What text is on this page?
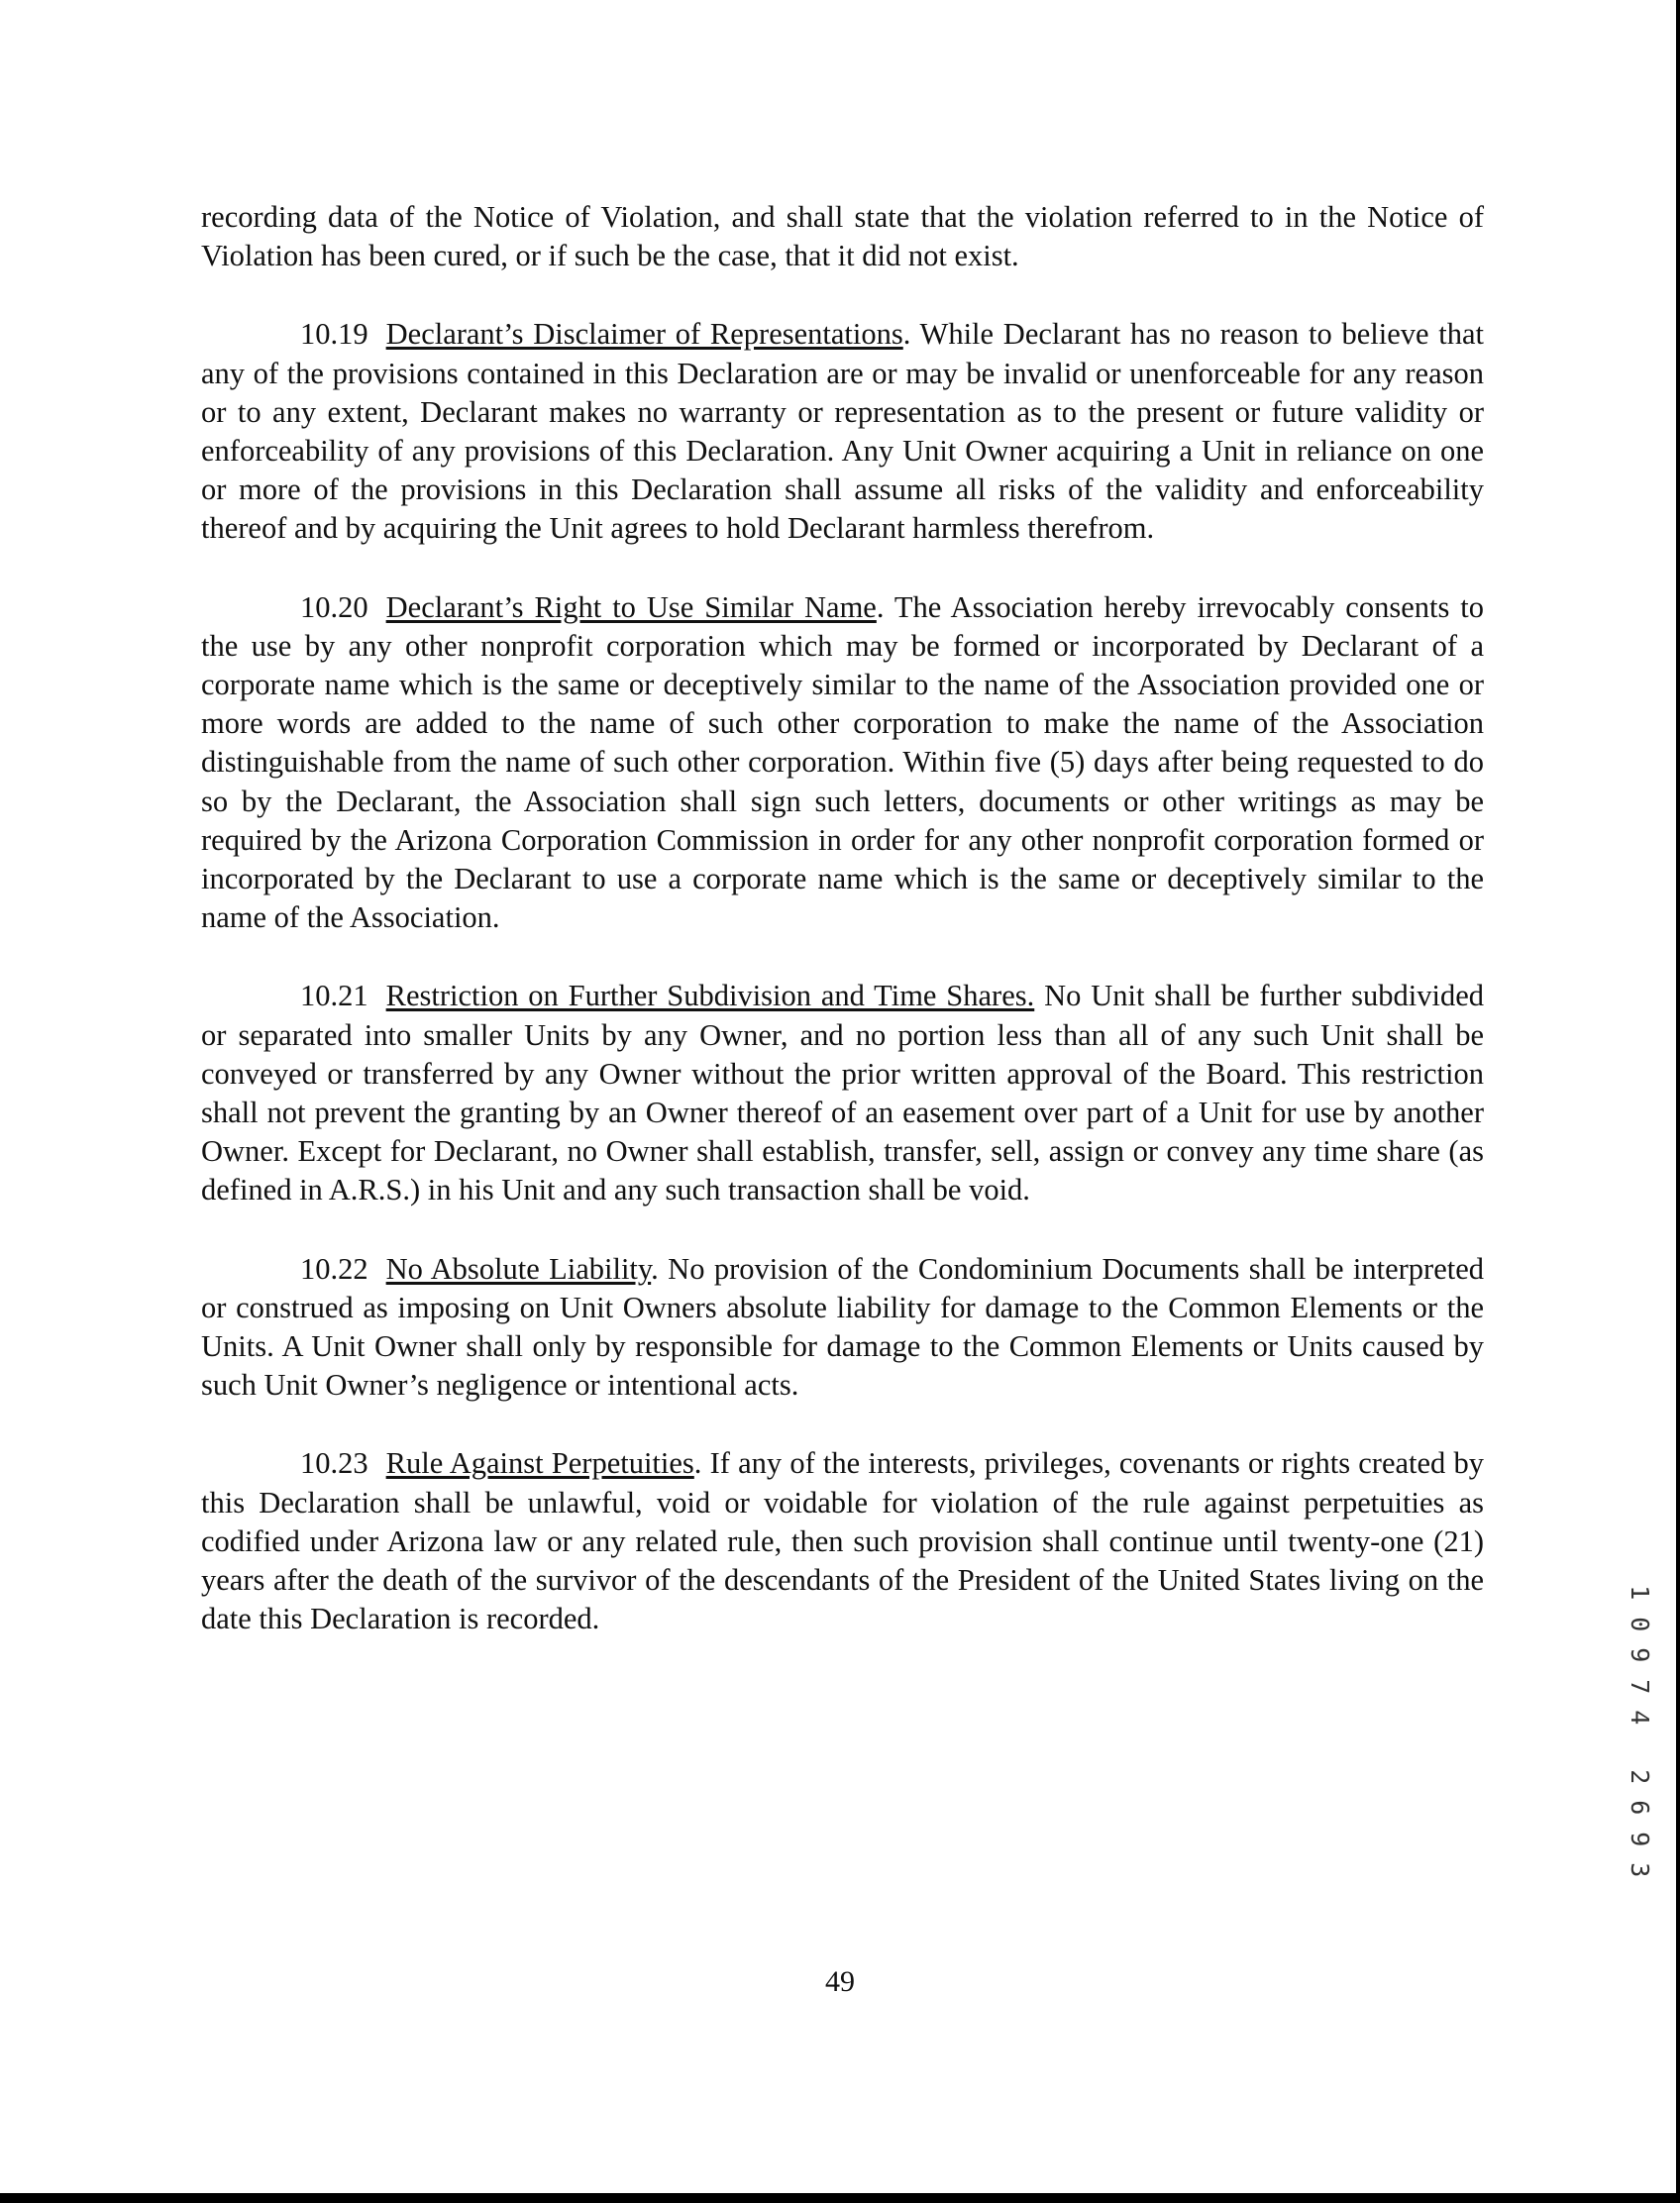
recording data of the Notice of Violation, and shall state that the violation referred to in the Notice of Violation has been cured, or if such be the case, that it did not exist.

10.19 Declarant’s Disclaimer of Representations. While Declarant has no reason to believe that any of the provisions contained in this Declaration are or may be invalid or unenforceable for any reason or to any extent, Declarant makes no warranty or representation as to the present or future validity or enforceability of any provisions of this Declaration. Any Unit Owner acquiring a Unit in reliance on one or more of the provisions in this Declaration shall assume all risks of the validity and enforceability thereof and by acquiring the Unit agrees to hold Declarant harmless therefrom.

10.20 Declarant’s Right to Use Similar Name. The Association hereby irrevocably consents to the use by any other nonprofit corporation which may be formed or incorporated by Declarant of a corporate name which is the same or deceptively similar to the name of the Association provided one or more words are added to the name of such other corporation to make the name of the Association distinguishable from the name of such other corporation. Within five (5) days after being requested to do so by the Declarant, the Association shall sign such letters, documents or other writings as may be required by the Arizona Corporation Commission in order for any other nonprofit corporation formed or incorporated by the Declarant to use a corporate name which is the same or deceptively similar to the name of the Association.

10.21 Restriction on Further Subdivision and Time Shares. No Unit shall be further subdivided or separated into smaller Units by any Owner, and no portion less than all of any such Unit shall be conveyed or transferred by any Owner without the prior written approval of the Board. This restriction shall not prevent the granting by an Owner thereof of an easement over part of a Unit for use by another Owner. Except for Declarant, no Owner shall establish, transfer, sell, assign or convey any time share (as defined in A.R.S.) in his Unit and any such transaction shall be void.

10.22 No Absolute Liability. No provision of the Condominium Documents shall be interpreted or construed as imposing on Unit Owners absolute liability for damage to the Common Elements or the Units. A Unit Owner shall only by responsible for damage to the Common Elements or Units caused by such Unit Owner’s negligence or intentional acts.

10.23 Rule Against Perpetuities. If any of the interests, privileges, covenants or rights created by this Declaration shall be unlawful, void or voidable for violation of the rule against perpetuities as codified under Arizona law or any related rule, then such provision shall continue until twenty-one (21) years after the death of the survivor of the descendants of the President of the United States living on the date this Declaration is recorded.

1
0
9
7
4
2
6
9
3
49
